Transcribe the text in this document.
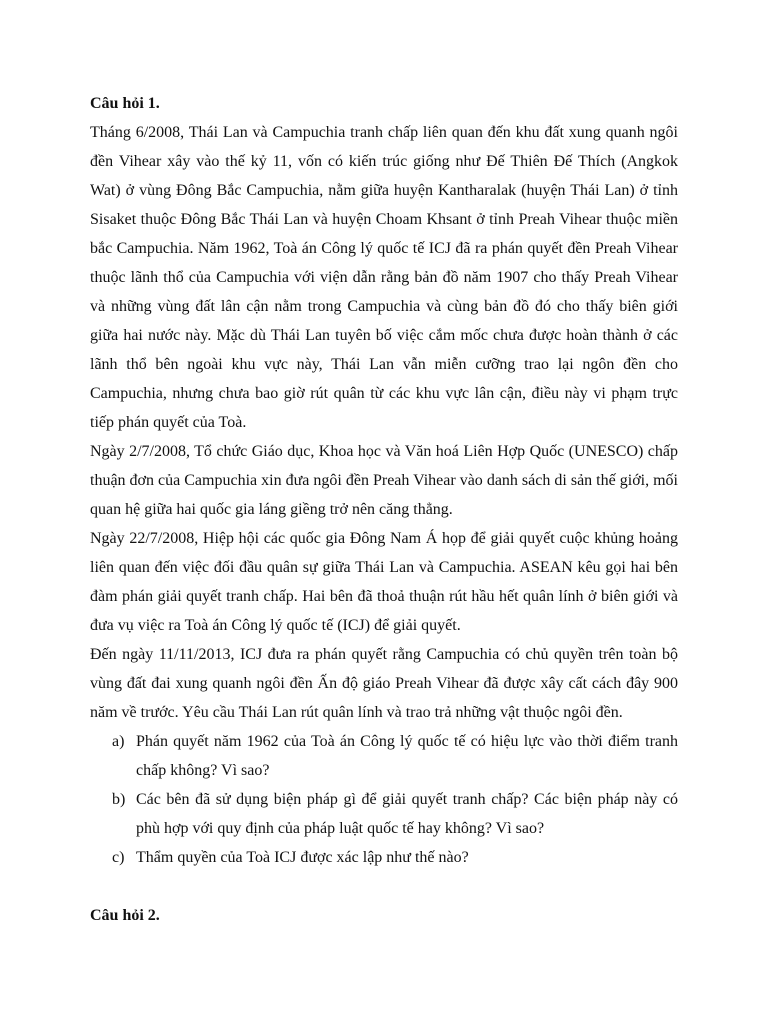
Câu hỏi 1.

Tháng 6/2008, Thái Lan và Campuchia tranh chấp liên quan đến khu đất xung quanh ngôi đền Vihear xây vào thế kỷ 11, vốn có kiến trúc giống như Đế Thiên Đế Thích (Angkok Wat) ở vùng Đông Bắc Campuchia, nằm giữa huyện Kantharalak (huyện Thái Lan) ở tỉnh Sisaket thuộc Đông Bắc Thái Lan và huyện Choam Khsant ở tỉnh Preah Vihear thuộc miền bắc Campuchia. Năm 1962, Toà án Công lý quốc tế ICJ đã ra phán quyết đền Preah Vihear thuộc lãnh thổ của Campuchia với viện dẫn rằng bản đồ năm 1907 cho thấy Preah Vihear và những vùng đất lân cận nằm trong Campuchia và cùng bản đồ đó cho thấy biên giới giữa hai nước này. Mặc dù Thái Lan tuyên bố việc cắm mốc chưa được hoàn thành ở các lãnh thổ bên ngoài khu vực này, Thái Lan vẫn miễn cưỡng trao lại ngôn đền cho Campuchia, nhưng chưa bao giờ rút quân từ các khu vực lân cận, điều này vi phạm trực tiếp phán quyết của Toà.

Ngày 2/7/2008, Tổ chức Giáo dục, Khoa học và Văn hoá Liên Hợp Quốc (UNESCO) chấp thuận đơn của Campuchia xin đưa ngôi đền Preah Vihear vào danh sách di sản thế giới, mối quan hệ giữa hai quốc gia láng giềng trở nên căng thẳng.

Ngày 22/7/2008, Hiệp hội các quốc gia Đông Nam Á họp để giải quyết cuộc khủng hoảng liên quan đến việc đối đầu quân sự giữa Thái Lan và Campuchia. ASEAN kêu gọi hai bên đàm phán giải quyết tranh chấp. Hai bên đã thoả thuận rút hầu hết quân lính ở biên giới và đưa vụ việc ra Toà án Công lý quốc tế (ICJ) để giải quyết.

Đến ngày 11/11/2013, ICJ đưa ra phán quyết rằng Campuchia có chủ quyền trên toàn bộ vùng đất đai xung quanh ngôi đền Ấn độ giáo Preah Vihear đã được xây cất cách đây 900 năm về trước. Yêu cầu Thái Lan rút quân lính và trao trả những vật thuộc ngôi đền.

a) Phán quyết năm 1962 của Toà án Công lý quốc tế có hiệu lực vào thời điểm tranh chấp không? Vì sao?
b) Các bên đã sử dụng biện pháp gì để giải quyết tranh chấp? Các biện pháp này có phù hợp với quy định của pháp luật quốc tế hay không? Vì sao?
c) Thẩm quyền của Toà ICJ được xác lập như thế nào?

Câu hỏi 2.
